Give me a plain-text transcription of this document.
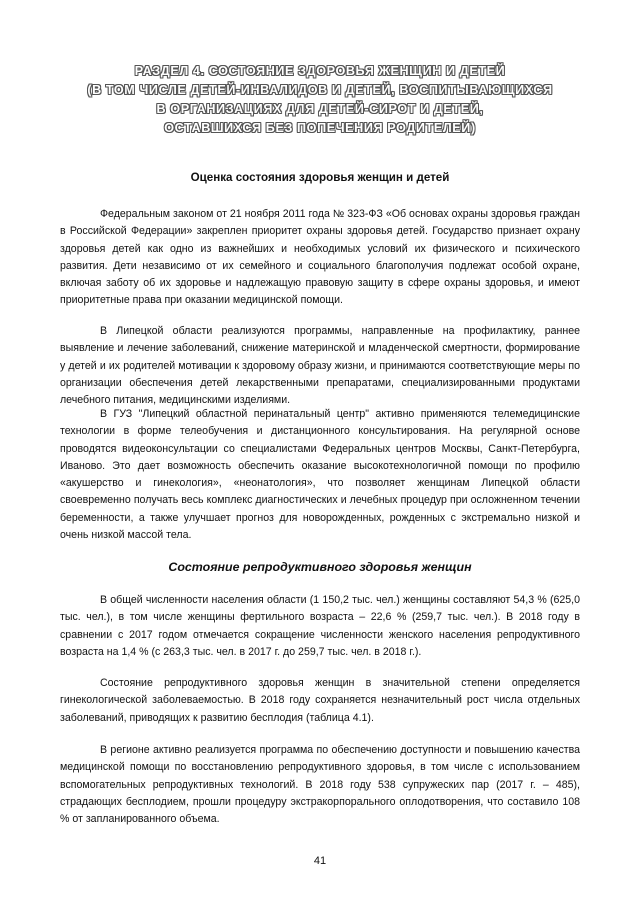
РАЗДЕЛ 4. СОСТОЯНИЕ ЗДОРОВЬЯ ЖЕНЩИН И ДЕТЕЙ
(В ТОМ ЧИСЛЕ ДЕТЕЙ-ИНВАЛИДОВ И ДЕТЕЙ, ВОСПИТЫВАЮЩИХСЯ
В ОРГАНИЗАЦИЯХ ДЛЯ ДЕТЕЙ-СИРОТ И ДЕТЕЙ,
ОСТАВШИХСЯ БЕЗ ПОПЕЧЕНИЯ РОДИТЕЛЕЙ)
Оценка состояния здоровья женщин и детей

Федеральным законом от 21 ноября 2011 года № 323-ФЗ «Об основах охраны здоровья граждан в Российской Федерации» закреплен приоритет охраны здоровья детей. Государство признает охрану здоровья детей как одно из важнейших и необходимых условий их физического и психического развития. Дети независимо от их семейного и социального благополучия подлежат особой охране, включая заботу об их здоровье и надлежащую правовую защиту в сфере охраны здоровья, и имеют приоритетные права при оказании медицинской помощи.

В Липецкой области реализуются программы, направленные на профилактику, раннее выявление и лечение заболеваний, снижение материнской и младенческой смертности, формирование у детей и их родителей мотивации к здоровому образу жизни, и принимаются соответствующие меры по организации обеспечения детей лекарственными препаратами, специализированными продуктами лечебного питания, медицинскими изделиями.

В ГУЗ "Липецкий областной перинатальный центр" активно применяются телемедицинские технологии в форме телеобучения и дистанционного консультирования. На регулярной основе проводятся видеоконсультации со специалистами Федеральных центров Москвы, Санкт-Петербурга, Иваново. Это дает возможность обеспечить оказание высокотехнологичной помощи по профилю «акушерство и гинекология», «неонатология», что позволяет женщинам Липецкой области своевременно получать весь комплекс диагностических и лечебных процедур при осложненном течении беременности, а также улучшает прогноз для новорожденных, рожденных с экстремально низкой и очень низкой массой тела.

Состояние репродуктивного здоровья женщин

В общей численности населения области (1 150,2 тыс. чел.) женщины составляют 54,3 % (625,0 тыс. чел.), в том числе женщины фертильного возраста – 22,6 % (259,7 тыс. чел.). В 2018 году в сравнении с 2017 годом отмечается сокращение численности женского населения репродуктивного возраста на 1,4 % (с 263,3 тыс. чел. в 2017 г. до 259,7 тыс. чел. в 2018 г.).

Состояние репродуктивного здоровья женщин в значительной степени определяется гинекологической заболеваемостью. В 2018 году сохраняется незначительный рост числа отдельных заболеваний, приводящих к развитию бесплодия (таблица 4.1).

В регионе активно реализуется программа по обеспечению доступности и повышению качества медицинской помощи по восстановлению репродуктивного здоровья, в том числе с использованием вспомогательных репродуктивных технологий. В 2018 году 538 супружеских пар (2017 г. – 485), страдающих бесплодием, прошли процедуру экстракорпорального оплодотворения, что составило 108 % от запланированного объема.

41
